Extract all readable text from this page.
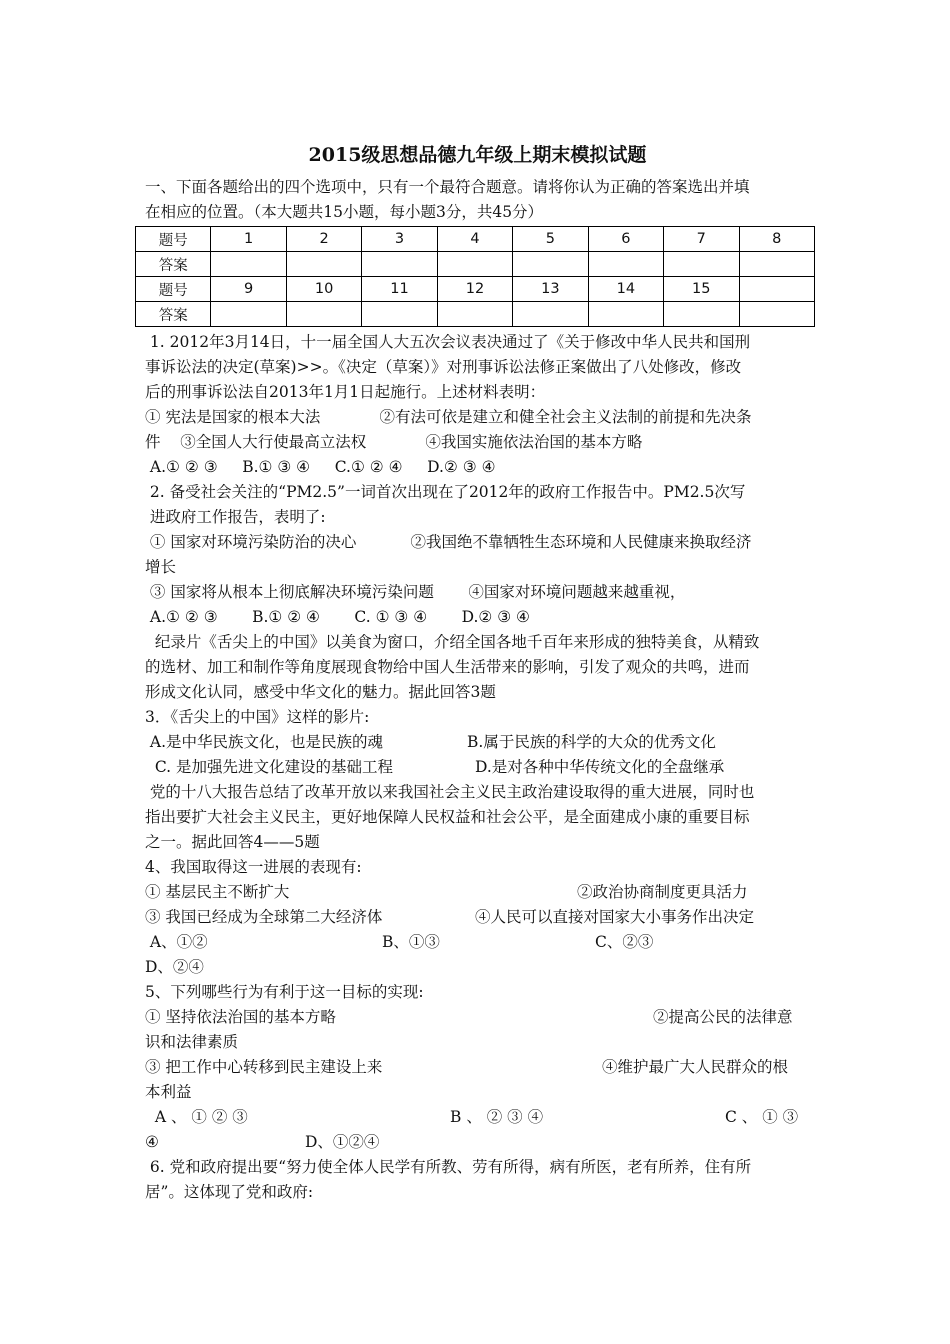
2015级思想品德九年级上期末模拟试题
一、下面各题给出的四个选项中，只有一个最符合题意。请将你认为正确的答案选出并填
在相应的位置。（本大题共15小题，每小题3分，共45分）
题号	1	2	3	4	5	6	7	8
答案								
题号	9	10	11	12	13	14	15	
答案								
1. 2012年3月14日，十一届全国人大五次会议表决通过了《关于修改中华人民共和国刑
事诉讼法的决定(草案)>>。《决定（草案）》对刑事诉讼法修正案做出了八处修改，修改
后的刑事诉讼法自2013年1月1日起施行。上述材料表明：
① 宪法是国家的根本大法            ②有法可依是建立和健全社会主义法制的前提和先决条
件    ③全国人大行使最高立法权            ④我国实施依法治国的基本方略
A.① ② ③     B.① ③ ④     C.① ② ④     D.② ③ ④
2. 备受社会关注的“PM2.5”一词首次出现在了2012年的政府工作报告中。PM2.5次写
进政府工作报告，表明了:
① 国家对环境污染防治的决心           ②我国绝不靠牺牲生态环境和人民健康来换取经济
增长
③ 国家将从根本上彻底解决环境污染问题       ④国家对环境问题越来越重视，
A.① ② ③       B.① ② ④       C. ① ③ ④       D.② ③ ④
纪录片《舌尖上的中国》以美食为窗口，介绍全国各地千百年来形成的独特美食，从精致
的选材、加工和制作等角度展现食物给中国人生活带来的影响，引发了观众的共鸣，进而
形成文化认同，感受中华文化的魅力。据此回答3题
3．《舌尖上的中国》这样的影片:
A.是中华民族文化，也是民族的魂	B.属于民族的科学的大众的优秀文化
C. 是加强先进文化建设的基础工程	D.是对各种中华传统文化的全盘继承
党的十八大报告总结了改革开放以来我国社会主义民主政治建设取得的重大进展，同时也
指出要扩大社会主义民主，更好地保障人民权益和社会公平，是全面建成小康的重要目标
之一。据此回答4——5题
4、我国取得这一进展的表现有:
① 基层民主不断扩大	②政治协商制度更具活力
③ 我国已经成为全球第二大经济体	④人民可以直接对国家大小事务作出决定
A、①②	B、①③	C、②③
D、②④
5、下列哪些行为有利于这一目标的实现:
① 坚持依法治国的基本方略	②提高公民的法律意
识和法律素质
③ 把工作中心转移到民主建设上来	④维护最广大人民群众的根
本利益
A 、 ① ② ③	B 、 ② ③ ④	C 、 ① ③
④	D、①②④
6. 党和政府提出要“努力使全体人民学有所教、劳有所得，病有所医，老有所养，住有所
居”。这体现了党和政府:
